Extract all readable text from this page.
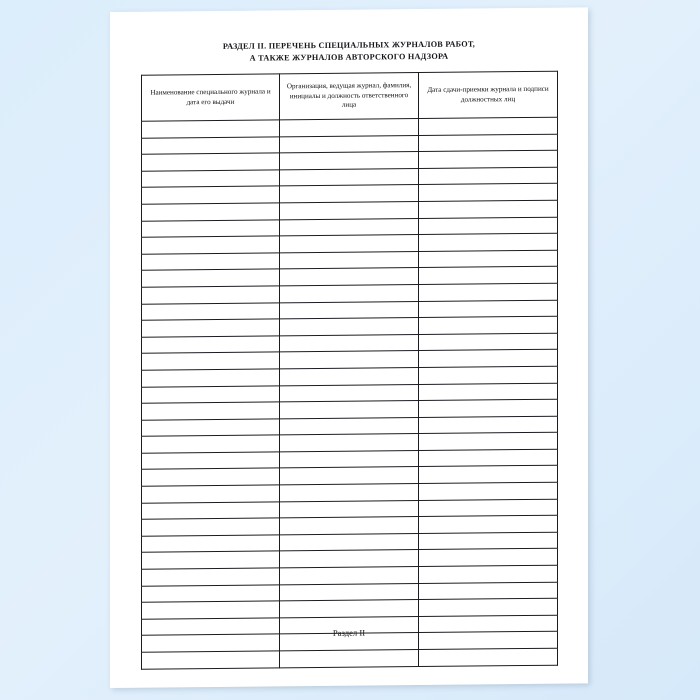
РАЗДЕЛ II. ПЕРЕЧЕНЬ СПЕЦИАЛЬНЫХ ЖУРНАЛОВ РАБОТ,
А ТАКЖЕ ЖУРНАЛОВ АВТОРСКОГО НАДЗОРА
Наименование специального журнала и дата его выдачи	Организация, ведущая журнал, фамилия, инициалы и должность ответственного лица	Дата сдачи-приемки журнала и подписи должностных лиц

Раздел II
